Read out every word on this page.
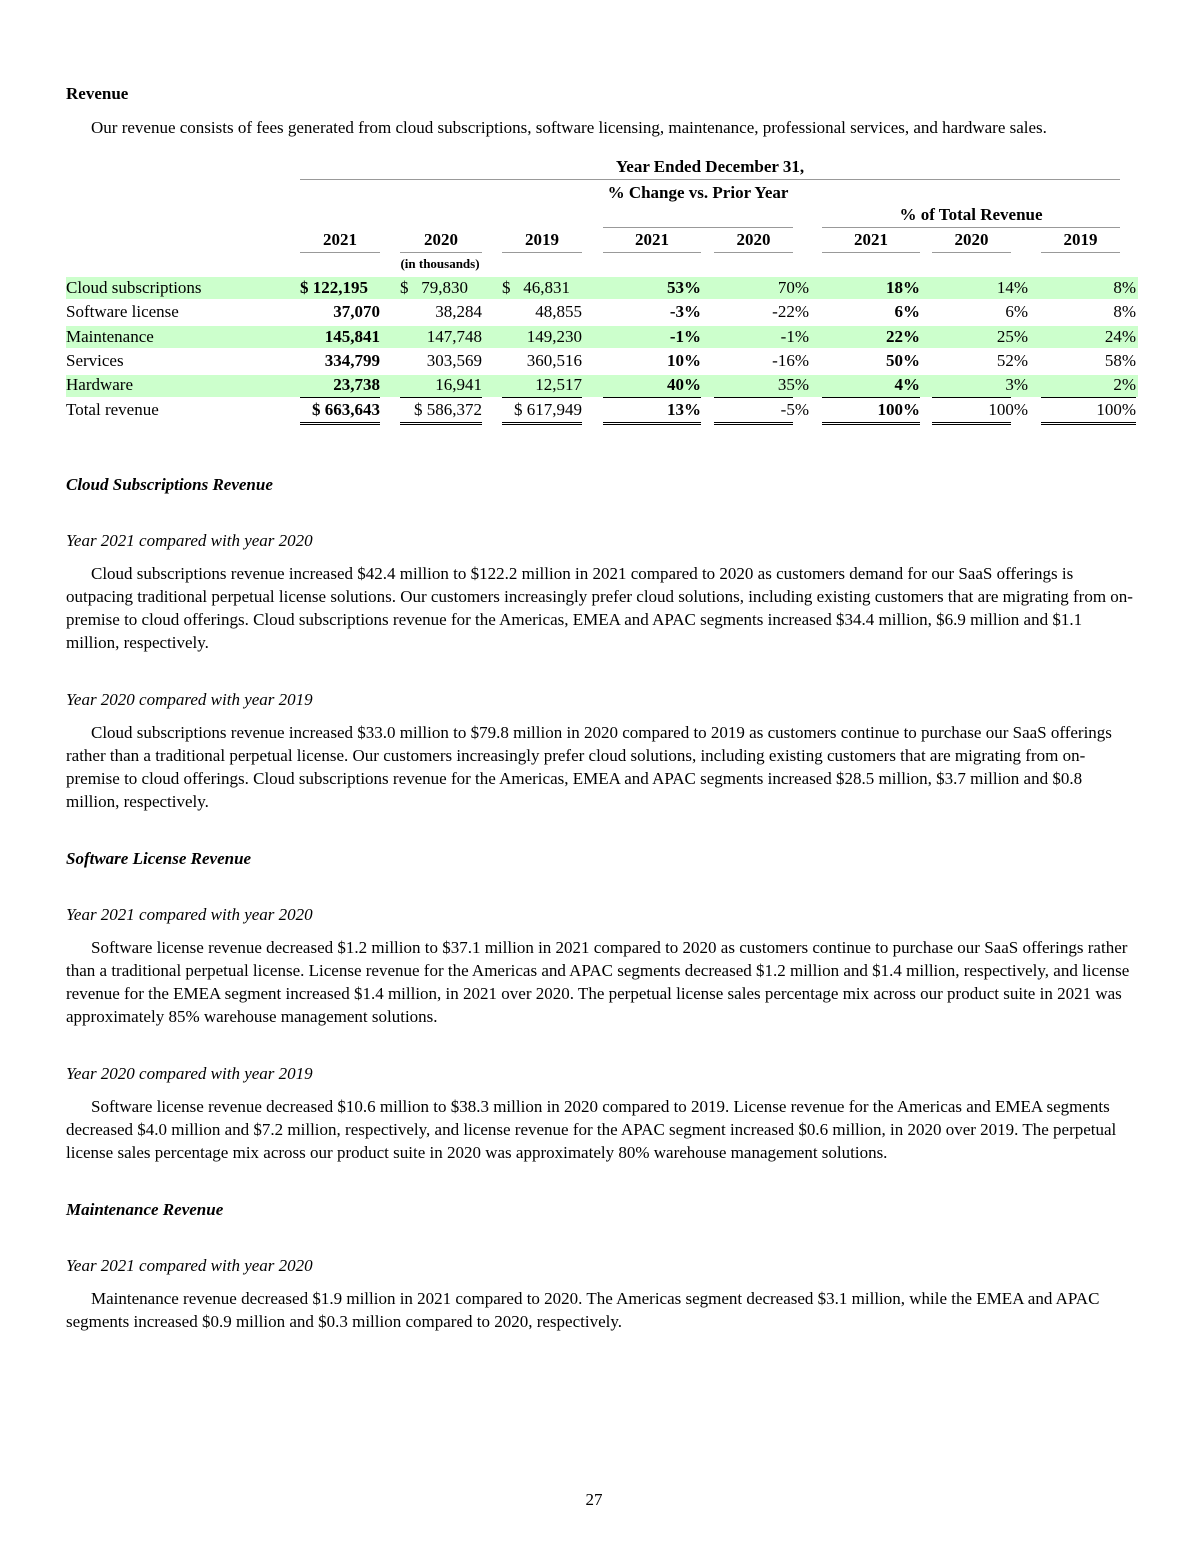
Revenue

Our revenue consists of fees generated from cloud subscriptions, software licensing, maintenance, professional services, and hardware sales.

Year Ended December 31,
% Change vs. Prior Year
% of Total Revenue
2021	2020	2019	2021	2020	2021	2020	2019
(in thousands)
Cloud subscriptions	$ 122,195	$   79,830	$   46,831	53%	70%	18%	14%	8%
Software license	37,070	38,284	48,855	-3%	-22%	6%	6%	8%
Maintenance	145,841	147,748	149,230	-1%	-1%	22%	25%	24%
Services	334,799	303,569	360,516	10%	-16%	50%	52%	58%
Hardware	23,738	16,941	12,517	40%	35%	4%	3%	2%
Total revenue	$ 663,643	$ 586,372	$ 617,949	13%	-5%	100%	100%	100%

Cloud Subscriptions Revenue

Year 2021 compared with year 2020

Cloud subscriptions revenue increased $42.4 million to $122.2 million in 2021 compared to 2020 as customers demand for our SaaS offerings is outpacing traditional perpetual license solutions. Our customers increasingly prefer cloud solutions, including existing customers that are migrating from on-premise to cloud offerings. Cloud subscriptions revenue for the Americas, EMEA and APAC segments increased $34.4 million, $6.9 million and $1.1 million, respectively.

Year 2020 compared with year 2019

Cloud subscriptions revenue increased $33.0 million to $79.8 million in 2020 compared to 2019 as customers continue to purchase our SaaS offerings rather than a traditional perpetual license. Our customers increasingly prefer cloud solutions, including existing customers that are migrating from on-premise to cloud offerings. Cloud subscriptions revenue for the Americas, EMEA and APAC segments increased $28.5 million, $3.7 million and $0.8 million, respectively.

Software License Revenue

Year 2021 compared with year 2020

Software license revenue decreased $1.2 million to $37.1 million in 2021 compared to 2020 as customers continue to purchase our SaaS offerings rather than a traditional perpetual license. License revenue for the Americas and APAC segments decreased $1.2 million and $1.4 million, respectively, and license revenue for the EMEA segment increased $1.4 million, in 2021 over 2020. The perpetual license sales percentage mix across our product suite in 2021 was approximately 85% warehouse management solutions.

Year 2020 compared with year 2019

Software license revenue decreased $10.6 million to $38.3 million in 2020 compared to 2019. License revenue for the Americas and EMEA segments decreased $4.0 million and $7.2 million, respectively, and license revenue for the APAC segment increased $0.6 million, in 2020 over 2019. The perpetual license sales percentage mix across our product suite in 2020 was approximately 80% warehouse management solutions.

Maintenance Revenue

Year 2021 compared with year 2020

Maintenance revenue decreased $1.9 million in 2021 compared to 2020. The Americas segment decreased $3.1 million, while the EMEA and APAC segments increased $0.9 million and $0.3 million compared to 2020, respectively.

27
